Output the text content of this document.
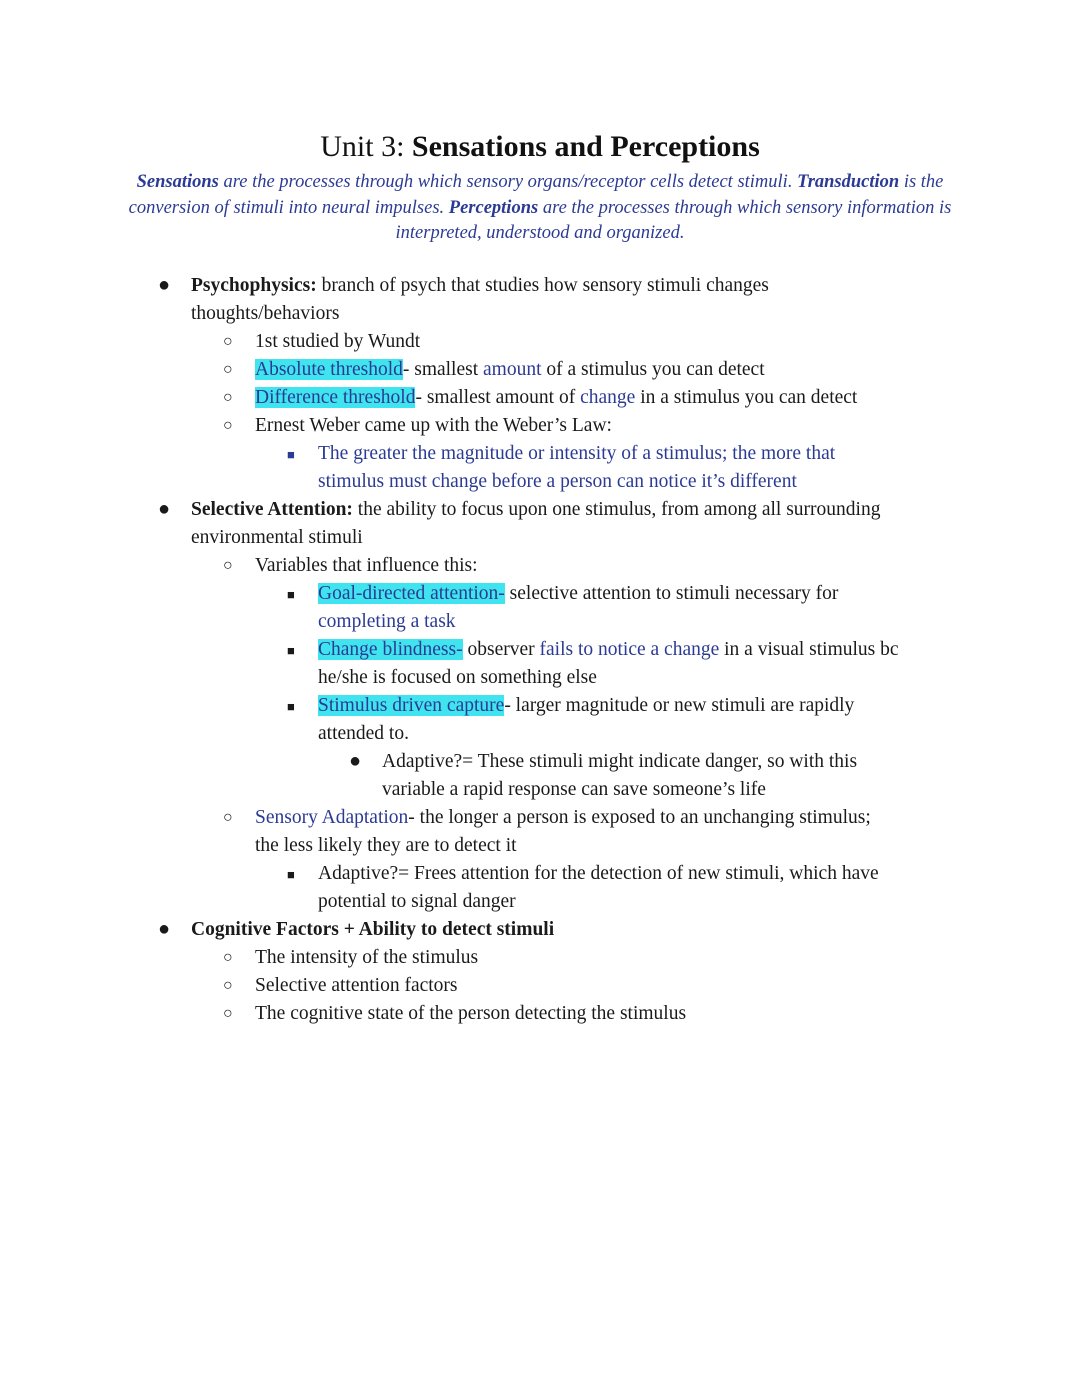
Unit 3: Sensations and Perceptions
Sensations are the processes through which sensory organs/receptor cells detect stimuli. Transduction is the conversion of stimuli into neural impulses. Perceptions are the processes through which sensory information is interpreted, understood and organized.
● Psychophysics: branch of psych that studies how sensory stimuli changes
thoughts/behaviors
○ 1st studied by Wundt
○ Absolute threshold- smallest amount of a stimulus you can detect
○ Difference threshold- smallest amount of change in a stimulus you can detect
○ Ernest Weber came up with the Weber’s Law:
■ The greater the magnitude or intensity of a stimulus; the more that
stimulus must change before a person can notice it’s different
● Selective Attention: the ability to focus upon one stimulus, from among all surrounding
environmental stimuli
○ Variables that influence this:
■ Goal-directed attention- selective attention to stimuli necessary for
completing a task
■ Change blindness- observer fails to notice a change in a visual stimulus bc
he/she is focused on something else
■ Stimulus driven capture- larger magnitude or new stimuli are rapidly
attended to.
● Adaptive?= These stimuli might indicate danger, so with this
variable a rapid response can save someone’s life
○ Sensory Adaptation- the longer a person is exposed to an unchanging stimulus;
the less likely they are to detect it
■ Adaptive?= Frees attention for the detection of new stimuli, which have
potential to signal danger
● Cognitive Factors + Ability to detect stimuli
○ The intensity of the stimulus
○ Selective attention factors
○ The cognitive state of the person detecting the stimulus
